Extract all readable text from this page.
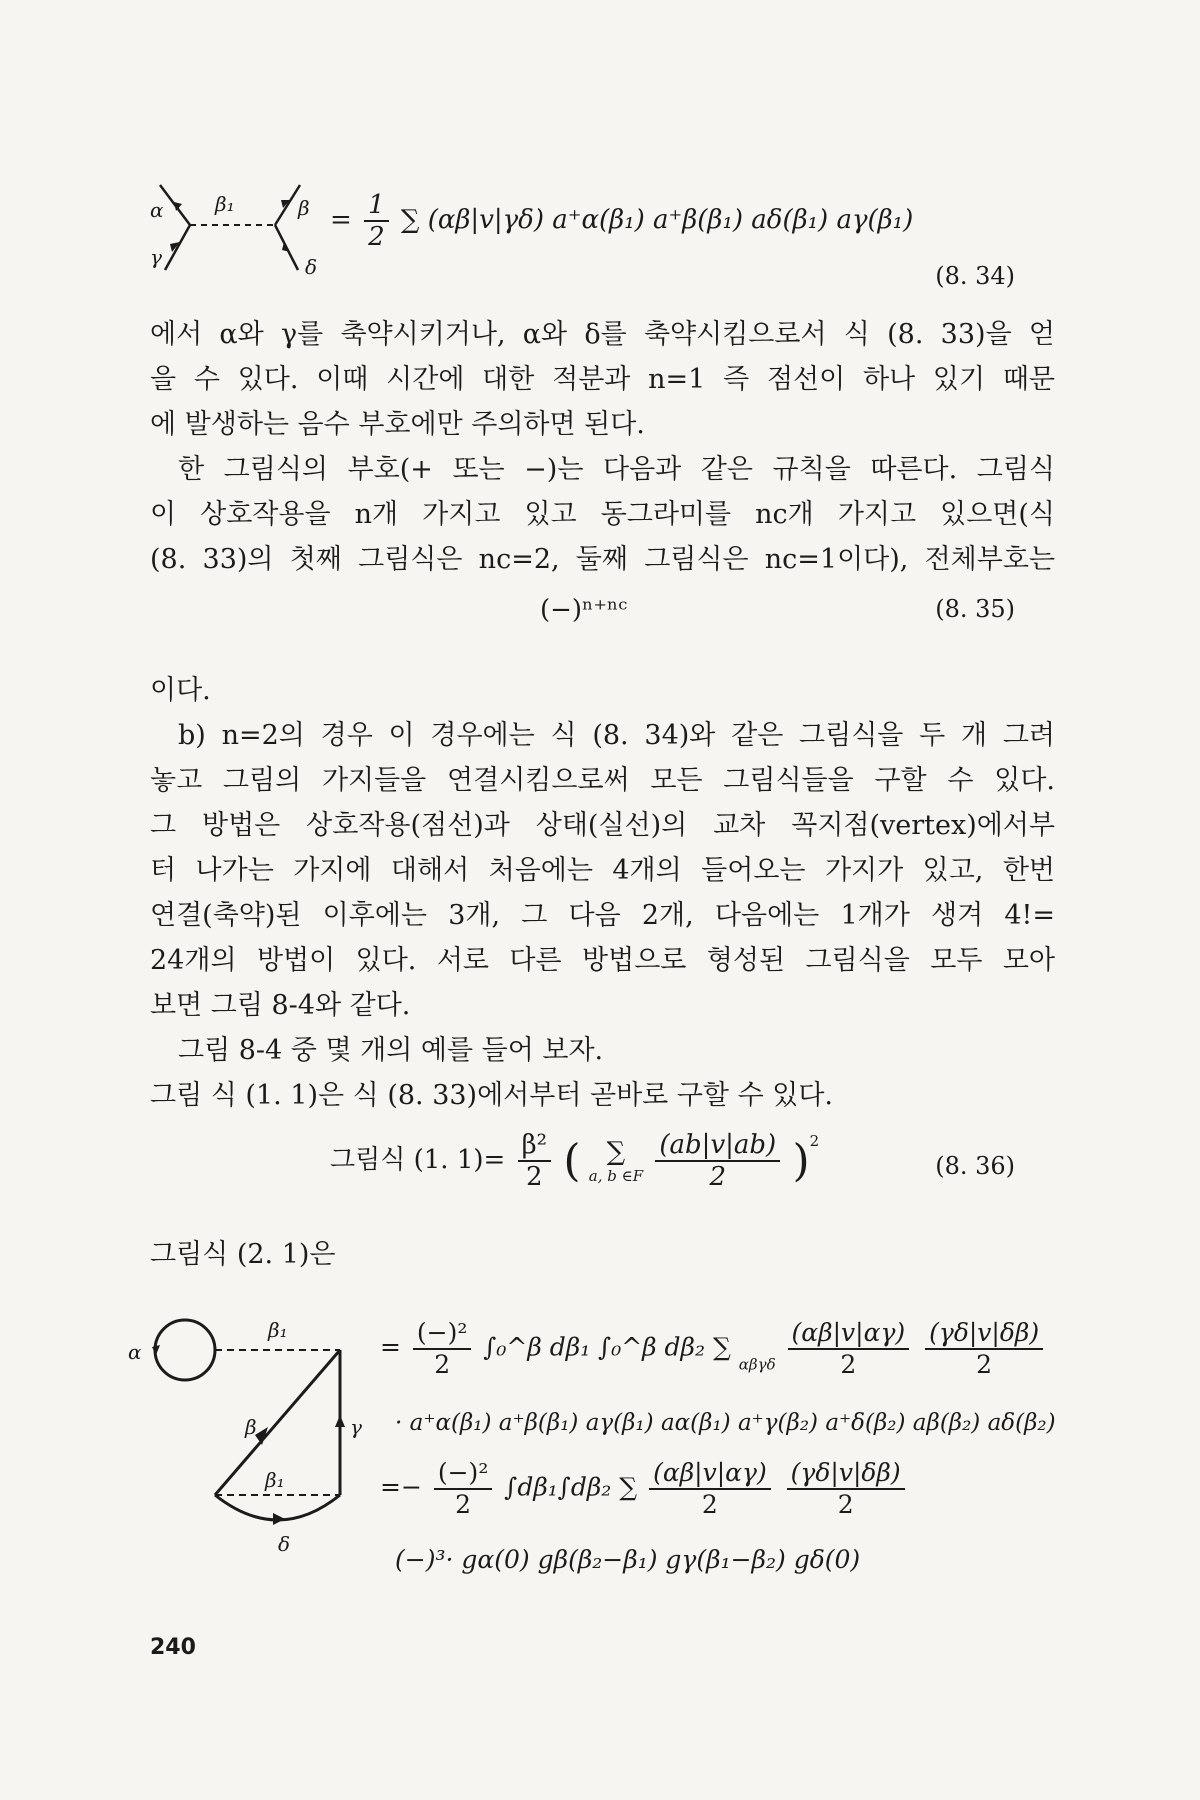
α	β₁	β
γ	δ
= $\frac{1}{2}$ ∑ (αβ|v|γδ) a⁺α(β₁) a⁺β(β₁) aδ(β₁) aγ(β₁)
(8. 34)
에서 α와 γ를 축약시키거나, α와 δ를 축약시킴으로서 식 (8. 33)을 얻
을 수 있다. 이때 시간에 대한 적분과 n=1 즉 점선이 하나 있기 때문
에 발생하는 음수 부호에만 주의하면 된다.
한 그림식의 부호(+ 또는 −)는 다음과 같은 규칙을 따른다. 그림식
이 상호작용을 n개 가지고 있고 동그라미를 nc개 가지고 있으면(식
(8. 33)의 첫째 그림식은 nc=2, 둘째 그림식은 nc=1이다), 전체부호는
(−)ⁿ⁺ⁿᶜ	(8. 35)
이다.
b) n=2의 경우 이 경우에는 식 (8. 34)와 같은 그림식을 두 개 그려
놓고 그림의 가지들을 연결시킴으로써 모든 그림식들을 구할 수 있다.
그 방법은 상호작용(점선)과 상태(실선)의 교차 꼭지점(vertex)에서부
터 나가는 가지에 대해서 처음에는 4개의 들어오는 가지가 있고, 한번
연결(축약)된 이후에는 3개, 그 다음 2개, 다음에는 1개가 생겨 4!=
24개의 방법이 있다. 서로 다른 방법으로 형성된 그림식을 모두 모아
보면 그림 8-4와 같다.
그림 8-4 중 몇 개의 예를 들어 보자.
그림 식 (1. 1)은 식 (8. 33)에서부터 곧바로 구할 수 있다.
그림식 (1. $1)= \frac{\text{β²}}{2}$ ( ∑
a, b ∈F
$\frac{(ab|v|ab)}{2} )^2$
(8. 36)
그림식 (2. 1)은
α
β₁
β	γ
β₁
δ
= $\frac{\text{(−)²}}{2}$ ∫₀^β dβ₁ ∫₀^β dβ₂ ∑ $_{\alpha\beta\gamma\delta} \frac{(\alpha\beta|v|\alpha\gamma)}{2}$
$\frac{(\gamma\delta|v|\delta\beta)}{2}$
· a⁺α(β₁) a⁺β(β₁) aγ(β₁) aα(β₁) a⁺γ(β₂) a⁺δ(β₂) aβ(β₂) aδ(β₂)
=− $\frac{\text{(−)²}}{2} \int d\beta_1\int d\beta_2$ ∑ $\frac{(\alpha\beta|v|\alpha\gamma)}{2}$
$\frac{(\gamma\delta|v|\delta\beta)}{2}$
(−)³· gα(0) gβ(β₂−β₁) gγ(β₁−β₂) gδ(0)
240
